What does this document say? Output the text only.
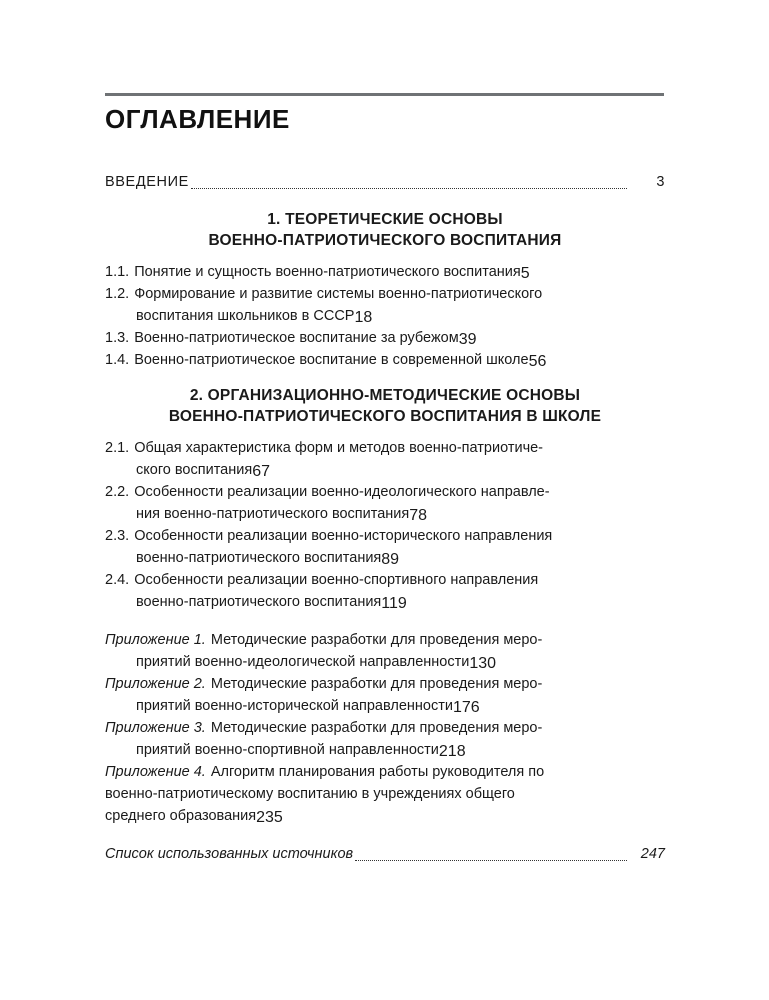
ОГЛАВЛЕНИЕ
ВВЕДЕНИЕ	3
1. ТЕОРЕТИЧЕСКИЕ ОСНОВЫ
ВОЕННО-ПАТРИОТИЧЕСКОГО ВОСПИТАНИЯ
1.1. Понятие и сущность военно-патриотического воспитания 5
1.2. Формирование и развитие системы военно-патриотического
воспитания школьников в СССР 18
1.3. Военно-патриотическое воспитание за рубежом 39
1.4. Военно-патриотическое воспитание в современной школе 56
2. ОРГАНИЗАЦИОННО-МЕТОДИЧЕСКИЕ ОСНОВЫ
ВОЕННО-ПАТРИОТИЧЕСКОГО ВОСПИТАНИЯ В ШКОЛЕ
2.1. Общая характеристика форм и методов военно-патриотиче-
ского воспитания 67
2.2. Особенности реализации военно-идеологического направле-
ния военно-патриотического воспитания 78
2.3. Особенности реализации военно-исторического направления
военно-патриотического воспитания 89
2.4. Особенности реализации военно-спортивного направления
военно-патриотического воспитания 119
Приложение 1. Методические разработки для проведения меро-
приятий военно-идеологической направленности 130
Приложение 2. Методические разработки для проведения меро-
приятий военно-исторической направленности 176
Приложение 3. Методические разработки для проведения меро-
приятий военно-спортивной направленности 218
Приложение 4. Алгоритм планирования работы руководителя по
военно-патриотическому воспитанию в учреждениях общего
среднего образования 235
Список использованных источников	247
